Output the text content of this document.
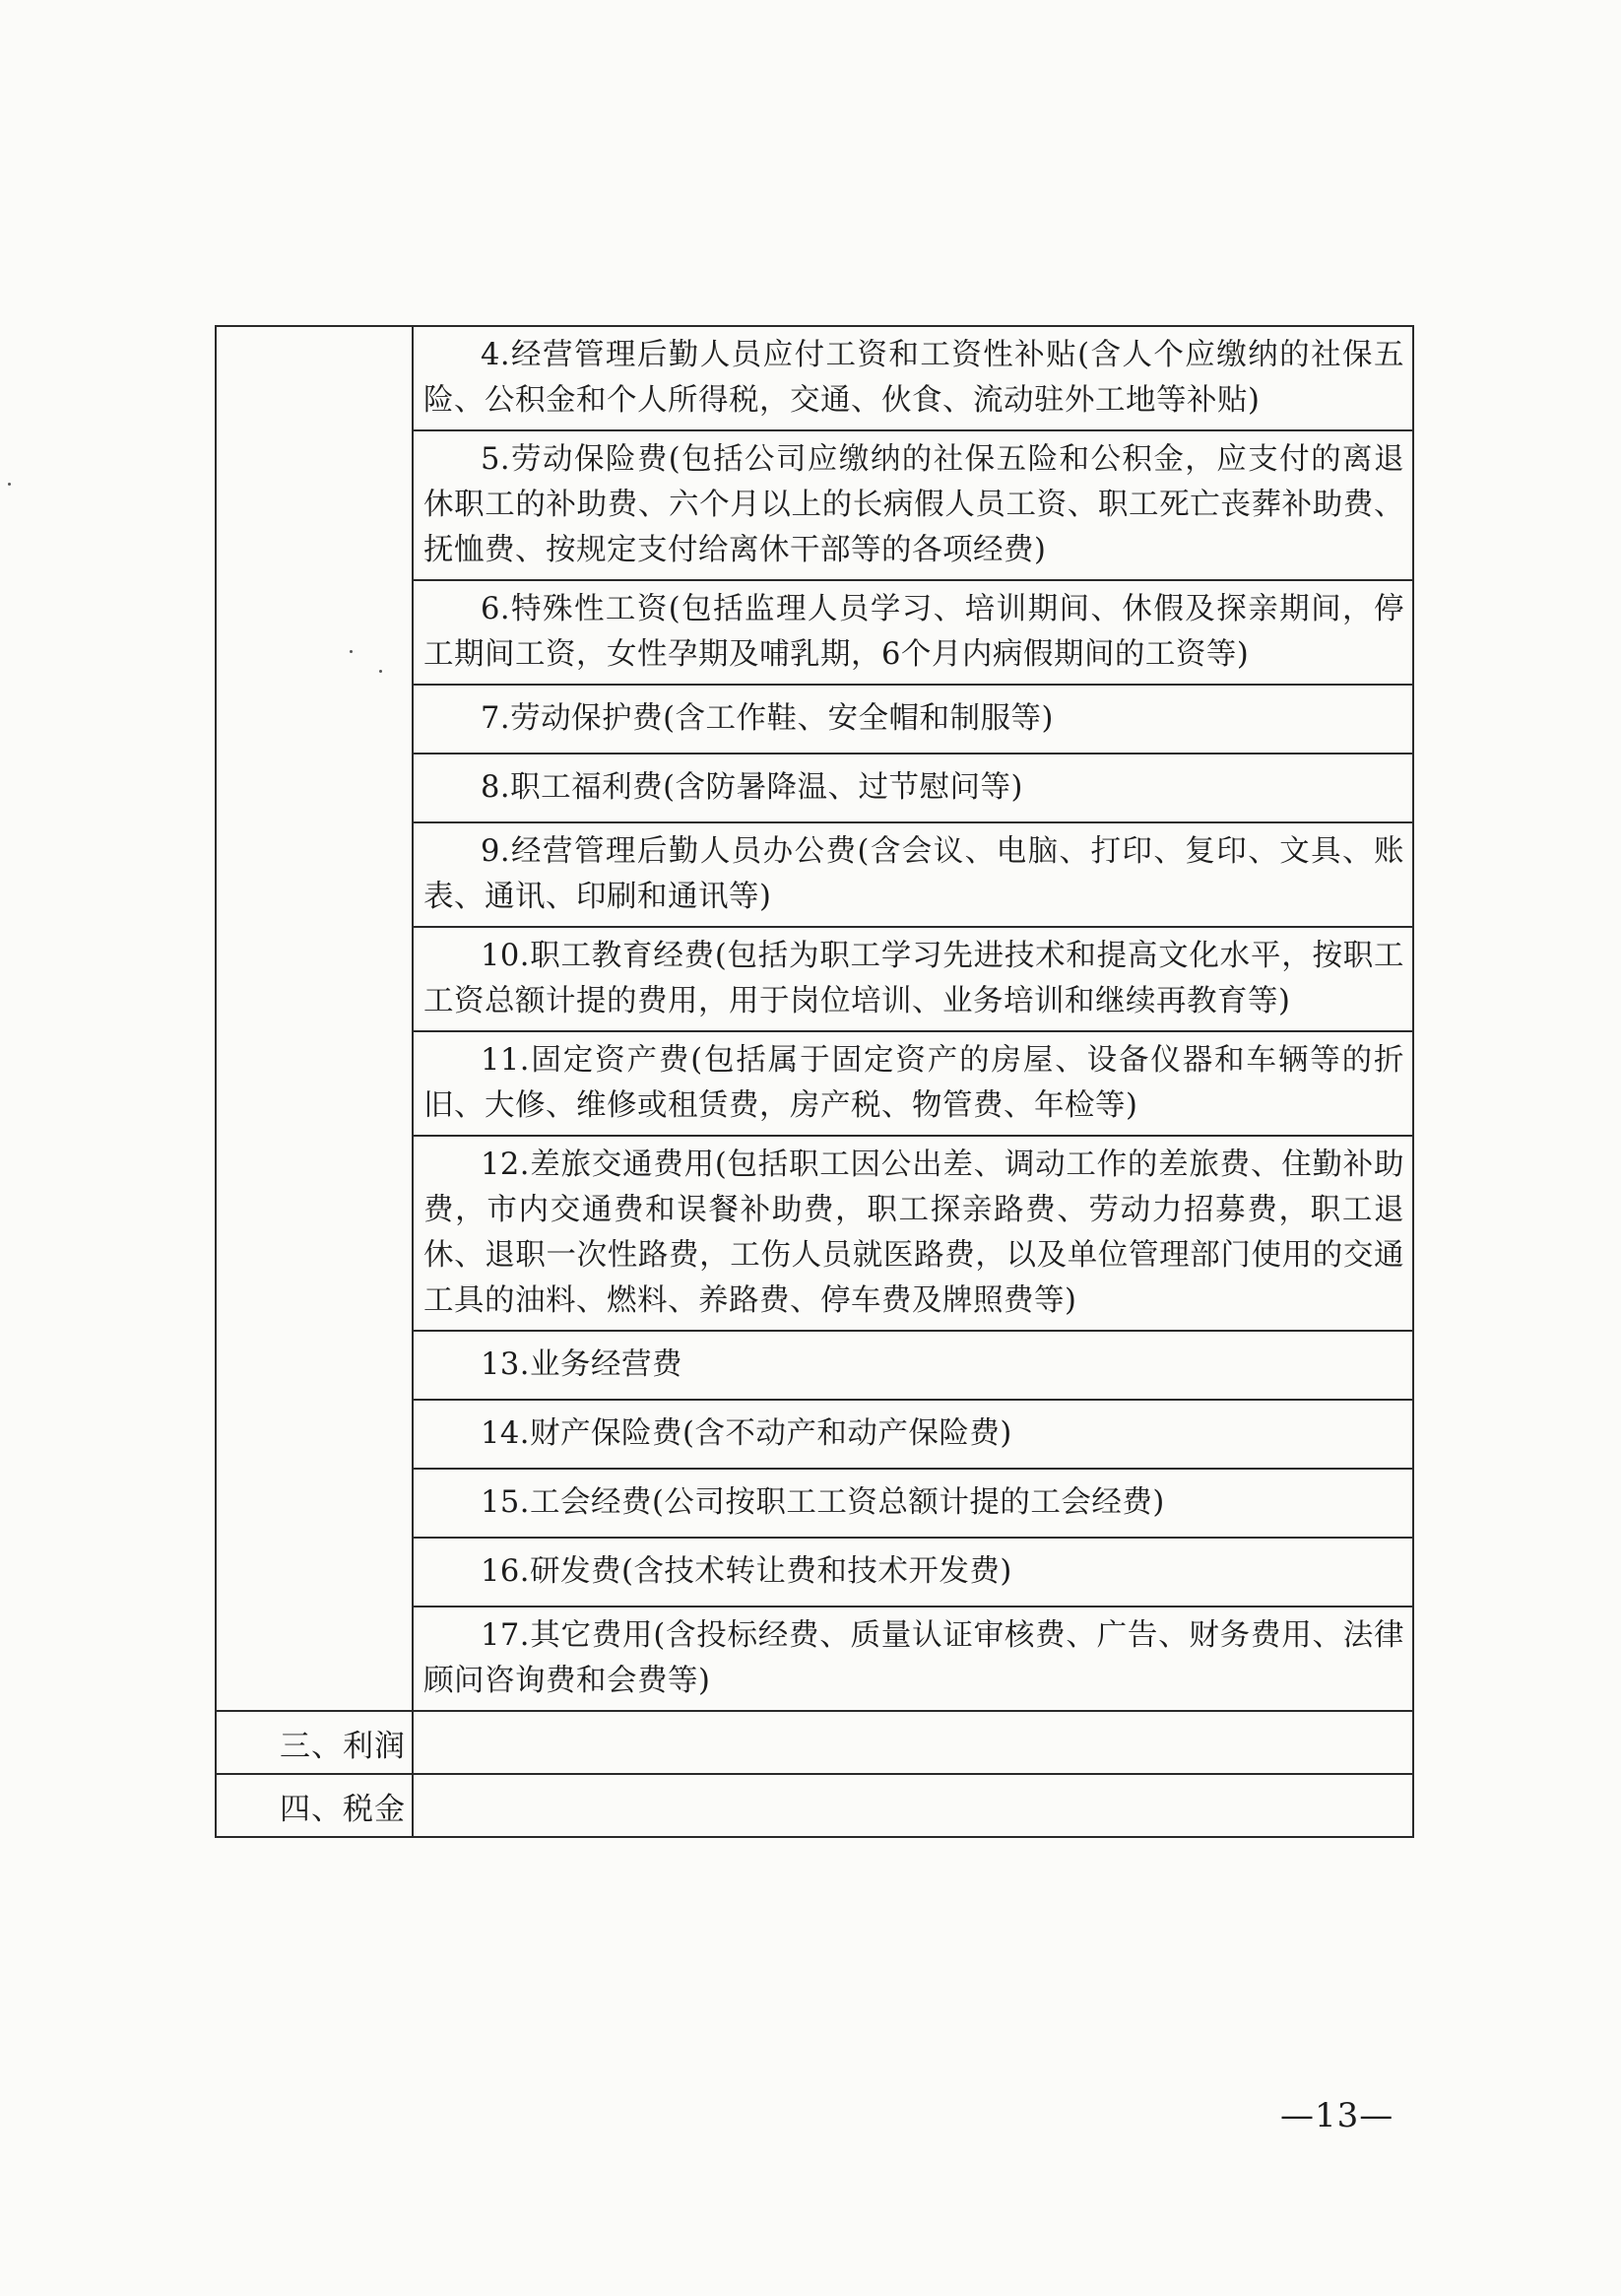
	4.经营管理后勤人员应付工资和工资性补贴(含人个应缴纳的社保五险、公积金和个人所得税，交通、伙食、流动驻外工地等补贴)

	5.劳动保险费(包括公司应缴纳的社保五险和公积金，应支付的离退休职工的补助费、六个月以上的长病假人员工资、职工死亡丧葬补助费、抚恤费、按规定支付给离休干部等的各项经费)

	6.特殊性工资(包括监理人员学习、培训期间、休假及探亲期间，停工期间工资，女性孕期及哺乳期，6个月内病假期间的工资等)

	7.劳动保护费(含工作鞋、安全帽和制服等)

	8.职工福利费(含防暑降温、过节慰问等)

	9.经营管理后勤人员办公费(含会议、电脑、打印、复印、文具、账表、通讯、印刷和通讯等)

	10.职工教育经费(包括为职工学习先进技术和提高文化水平，按职工工资总额计提的费用，用于岗位培训、业务培训和继续再教育等)

	11.固定资产费(包括属于固定资产的房屋、设备仪器和车辆等的折旧、大修、维修或租赁费，房产税、物管费、年检等)

	12.差旅交通费用(包括职工因公出差、调动工作的差旅费、住勤补助费，市内交通费和误餐补助费，职工探亲路费、劳动力招募费，职工退休、退职一次性路费，工伤人员就医路费，以及单位管理部门使用的交通工具的油料、燃料、养路费、停车费及牌照费等)

	13.业务经营费

	14.财产保险费(含不动产和动产保险费)

	15.工会经费(公司按职工工资总额计提的工会经费)

	16.研发费(含技术转让费和技术开发费)

	17.其它费用(含投标经费、质量认证审核费、广告、财务费用、法律顾问咨询费和会费等)

三、利润	
四、税金	
—13—
